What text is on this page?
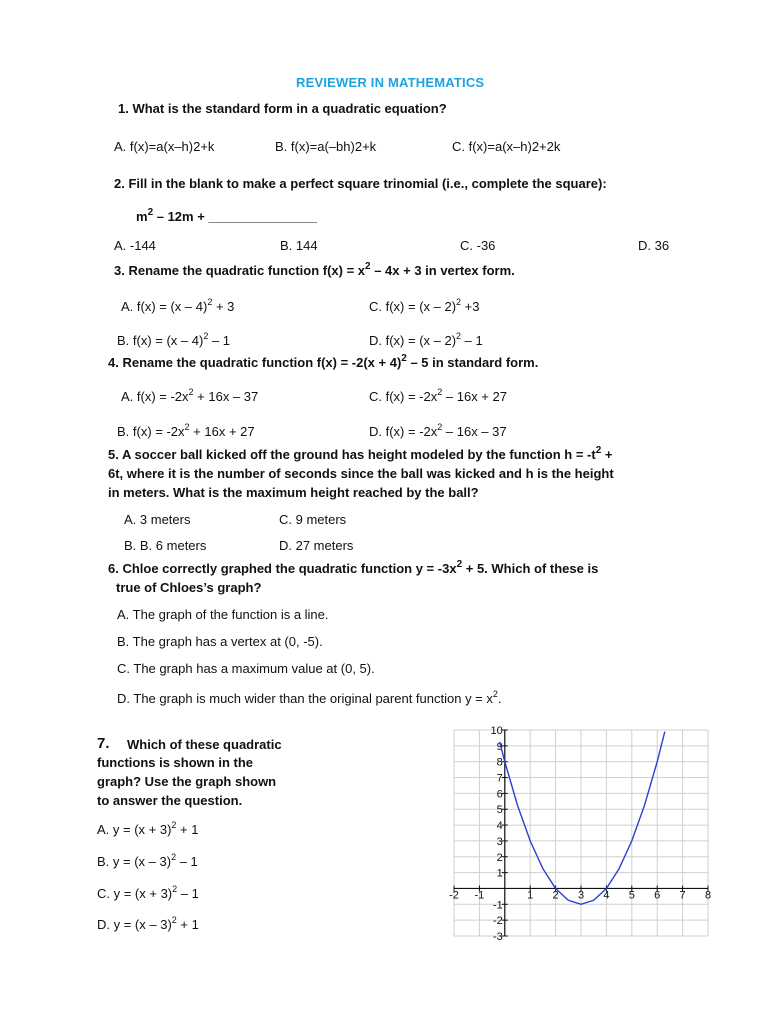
REVIEWER IN MATHEMATICS
1. What is the standard form in a quadratic equation?
A. f(x)=a(x–h)2+k	B. f(x)=a(–bh)2+k	C. f(x)=a(x–h)2+2k
2. Fill in the blank to make a perfect square trinomial (i.e., complete the square):
$m^2 - 12m$ + _______________
A. -144	B. 144	C. -36	D. 36
3. Rename the quadratic function $f(x) = x^2 - 4x + 3$ in vertex form.
A. f(x) = (x – 4)$^2$ + 3	C. f(x) = (x – 2)$^2$ +3
B. f(x) = (x – 4)$^2$ – 1	D. f(x) = (x – 2)$^2$ – 1
4. Rename the quadratic function $f(x) = -2(x + 4)^2 - 5$ in standard form.
A. $f(x) = -2x^2 + 16x - 37$	C. $f(x) = -2x^2 - 16x + 27$
B. $f(x) = -2x^2 + 16x + 27$	D. $f(x) = -2x^2 - 16x - 37$
5. A soccer ball kicked off the ground has height modeled by the function $h = -t^2$ +
6t, where it is the number of seconds since the ball was kicked and h is the height
in meters. What is the maximum height reached by the ball?
A. 3 meters	C. 9 meters
B. B. 6 meters	D. 27 meters
6. Chloe correctly graphed the quadratic function $y = -3x^2 + 5$. Which of these is
true of Chloes’s graph?
A. The graph of the function is a line.
B. The graph has a vertex at (0, -5).
C. The graph has a maximum value at (0, 5).
D. The graph is much wider than the original parent function $y = x^2$.
7. Which of these quadratic
functions is shown in the
graph? Use the graph shown
to answer the question.
A. $y = (x + 3)^2 + 1$
B. y = (x – 3)$^2$ – 1
C. $y = (x + 3)^2 - 1$
D. y = (x – 3)$^2$ + 1
-2 -1	1 2 3 4 5 6 7 8
10
9
8
7
6
5
4
3
2
1
-1
-2
-3
